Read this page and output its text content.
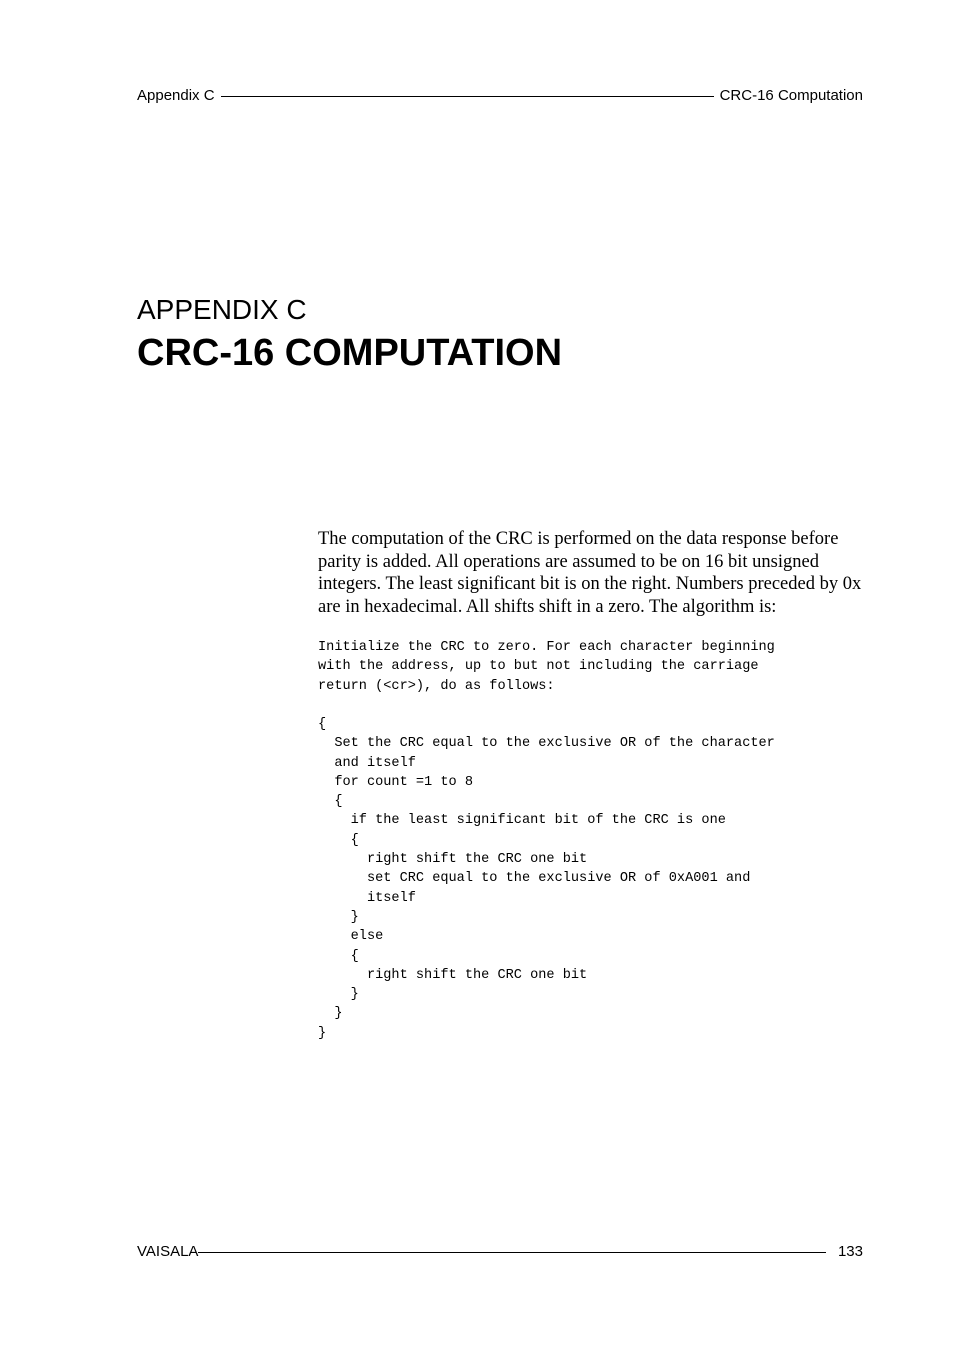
Appendix C	CRC-16 Computation
APPENDIX C
CRC-16 COMPUTATION

The computation of the CRC is performed on the data response before parity is added. All operations are assumed to be on 16 bit unsigned integers. The least significant bit is on the right. Numbers preceded by 0x are in hexadecimal. All shifts shift in a zero. The algorithm is:

Initialize the CRC to zero. For each character beginning
with the address, up to but not including the carriage
return (<cr>), do as follows:
{
Set the CRC equal to the exclusive OR of the character
and itself
for count =1 to 8
{
if the least significant bit of the CRC is one
{
right shift the CRC one bit
set CRC equal to the exclusive OR of 0xA001 and
itself
}
else
{
right shift the CRC one bit
}
}
}
VAISALA	133
